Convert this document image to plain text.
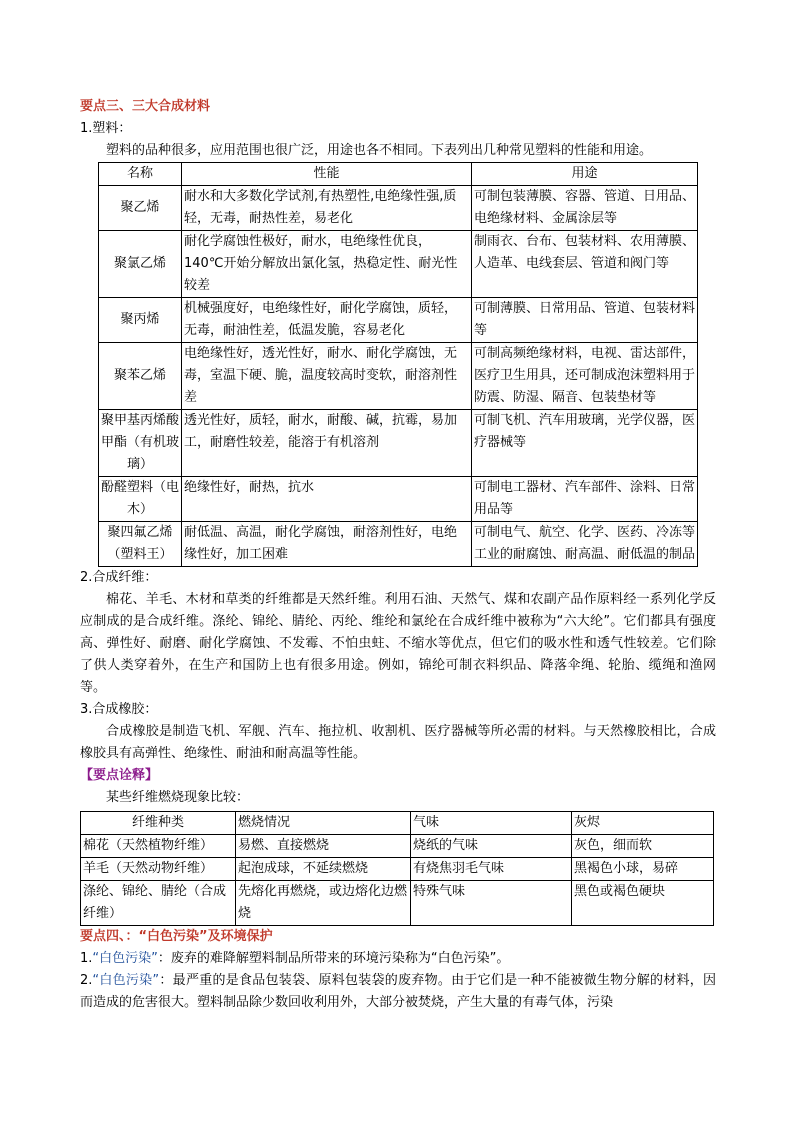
要点三、三大合成材料

1.塑料：

塑料的品种很多，应用范围也很广泛，用途也各不相同。下表列出几种常见塑料的性能和用途。

名称	性能	用途
聚乙烯	耐水和大多数化学试剂,有热塑性,电绝缘性强,质轻，无毒，耐热性差，易老化	可制包装薄膜、容器、管道、日用品、电绝缘材料、金属涂层等
聚氯乙烯	耐化学腐蚀性极好，耐水，电绝缘性优良，140℃开始分解放出氯化氢，热稳定性、耐光性较差	制雨衣、台布、包装材料、农用薄膜、人造革、电线套层、管道和阀门等
聚丙烯	机械强度好，电绝缘性好，耐化学腐蚀，质轻，无毒，耐油性差，低温发脆，容易老化	可制薄膜、日常用品、管道、包装材料等
聚苯乙烯	电绝缘性好，透光性好，耐水、耐化学腐蚀，无毒，室温下硬、脆，温度较高时变软，耐溶剂性差	可制高频绝缘材料，电视、雷达部件，医疗卫生用具，还可制成泡沫塑料用于防震、防湿、隔音、包装垫材等
聚甲基丙烯酸甲酯（有机玻璃）	透光性好，质轻，耐水，耐酸、碱，抗霉，易加工，耐磨性较差，能溶于有机溶剂	可制飞机、汽车用玻璃，光学仪器，医疗器械等
酚醛塑料（电木）	绝缘性好，耐热，抗水	可制电工器材、汽车部件、涂料、日常用品等
聚四氟乙烯（塑料王）	耐低温、高温，耐化学腐蚀，耐溶剂性好，电绝缘性好，加工困难	可制电气、航空、化学、医药、冷冻等工业的耐腐蚀、耐高温、耐低温的制品

2.合成纤维：

棉花、羊毛、木材和草类的纤维都是天然纤维。利用石油、天然气、煤和农副产品作原料经一系列化学反应制成的是合成纤维。涤纶、锦纶、腈纶、丙纶、维纶和氯纶在合成纤维中被称为“六大纶”。它们都具有强度高、弹性好、耐磨、耐化学腐蚀、不发霉、不怕虫蛀、不缩水等优点，但它们的吸水性和透气性较差。它们除了供人类穿着外，在生产和国防上也有很多用途。例如，锦纶可制衣料织品、降落伞绳、轮胎、缆绳和渔网等。

3.合成橡胶：

合成橡胶是制造飞机、军舰、汽车、拖拉机、收割机、医疗器械等所必需的材料。与天然橡胶相比，合成橡胶具有高弹性、绝缘性、耐油和耐高温等性能。

【要点诠释】

某些纤维燃烧现象比较：

纤维种类	燃烧情况	气味	灰烬
棉花（天然植物纤维）	易燃、直接燃烧	烧纸的气味	灰色，细而软
羊毛（天然动物纤维）	起泡成球，不延续燃烧	有烧焦羽毛气味	黑褐色小球，易碎
涤纶、锦纶、腈纶（合成纤维）	先熔化再燃烧，或边熔化边燃烧	特殊气味	黑色或褐色硬块
要点四、：“白色污染”及环境保护

1.“白色污染”：废弃的难降解塑料制品所带来的环境污染称为“白色污染”。

2.“白色污染”：最严重的是食品包装袋、原料包装袋的废弃物。由于它们是一种不能被微生物分解的材料，因而造成的危害很大。塑料制品除少数回收利用外，大部分被焚烧，产生大量的有毒气体，污染
